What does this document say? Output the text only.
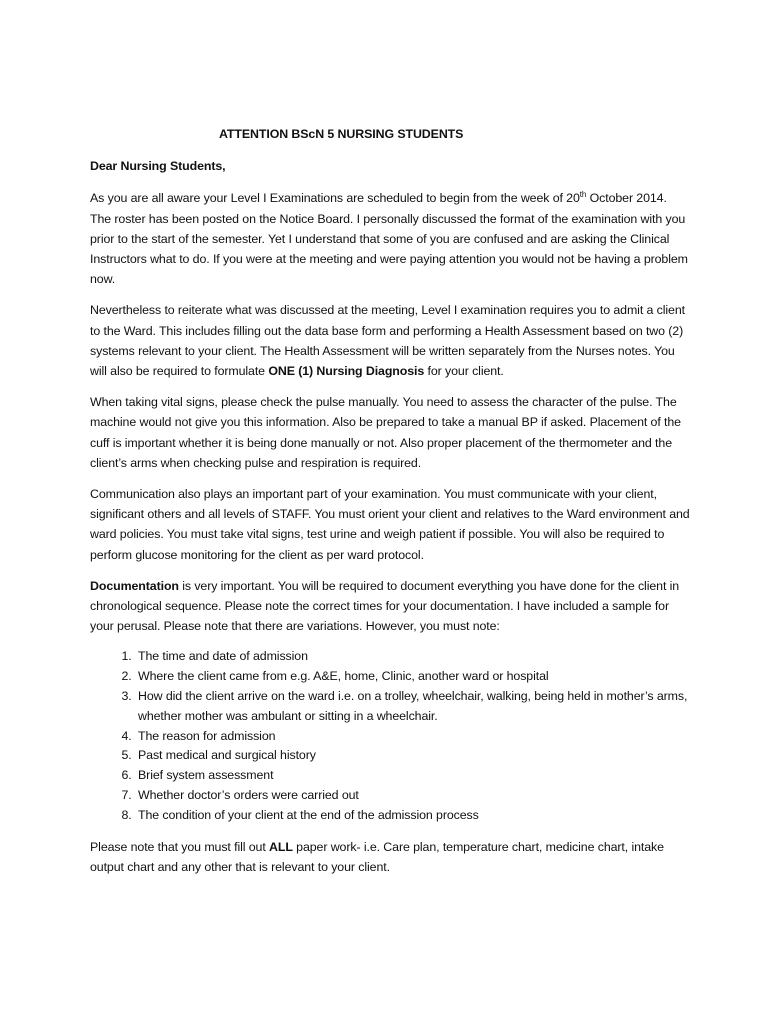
ATTENTION BScN 5 NURSING STUDENTS
Dear Nursing Students,

As you are all aware your Level I Examinations are scheduled to begin from the week of 20th October 2014. The roster has been posted on the Notice Board. I personally discussed the format of the examination with you prior to the start of the semester. Yet I understand that some of you are confused and are asking the Clinical Instructors what to do. If you were at the meeting and were paying attention you would not be having a problem now.

Nevertheless to reiterate what was discussed at the meeting, Level I examination requires you to admit a client to the Ward. This includes filling out the data base form and performing a Health Assessment based on two (2) systems relevant to your client. The Health Assessment will be written separately from the Nurses notes. You will also be required to formulate ONE (1) Nursing Diagnosis for your client.

When taking vital signs, please check the pulse manually. You need to assess the character of the pulse. The machine would not give you this information. Also be prepared to take a manual BP if asked. Placement of the cuff is important whether it is being done manually or not. Also proper placement of the thermometer and the client’s arms when checking pulse and respiration is required.

Communication also plays an important part of your examination. You must communicate with your client, significant others and all levels of STAFF. You must orient your client and relatives to the Ward environment and ward policies. You must take vital signs, test urine and weigh patient if possible. You will also be required to perform glucose monitoring for the client as per ward protocol.

Documentation is very important. You will be required to document everything you have done for the client in chronological sequence. Please note the correct times for your documentation. I have included a sample for your perusal. Please note that there are variations. However, you must note:

1. The time and date of admission
2. Where the client came from e.g. A&E, home, Clinic, another ward or hospital
3. How did the client arrive on the ward i.e. on a trolley, wheelchair, walking, being held in mother’s arms, whether mother was ambulant or sitting in a wheelchair.
4. The reason for admission
5. Past medical and surgical history
6. Brief system assessment
7. Whether doctor’s orders were carried out
8. The condition of your client at the end of the admission process

Please note that you must fill out ALL paper work- i.e. Care plan, temperature chart, medicine chart, intake output chart and any other that is relevant to your client.
